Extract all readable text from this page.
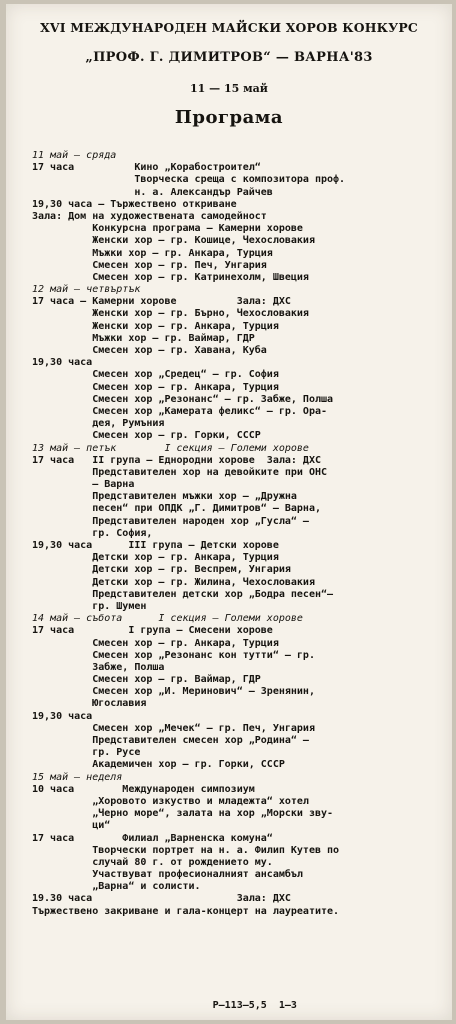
XVI МЕЖДУНАРОДЕН МАЙСКИ ХОРОВ КОНКУРС
„ПРОФ. Г. ДИМИТРОВ“ — ВАРНА'83
11 — 15 май
Програма
11 май — сряда
17 часа          Кино „Корабостроител“
Творческа среща с композитора проф.
н. а. Александър Райчев
19,30 часа — Тържествено откриване
Зала: Дом на художествената самодейност
Конкурсна програма — Камерни хорове
Женски хор — гр. Кошице, Чехословакия
Мъжки хор — гр. Анкара, Турция
Смесен хор — гр. Печ, Унгария
Смесен хор — гр. Катринехолм, Швеция
12 май — четвъртък
17 часа — Камерни хорове          Зала: ДХС
Женски хор — гр. Бърно, Чехословакия
Женски хор — гр. Анкара, Турция
Мъжки хор — гр. Ваймар, ГДР
Смесен хор — гр. Хавана, Куба
19,30 часа
Смесен хор „Средец“ — гр. София
Смесен хор — гр. Анкара, Турция
Смесен хор „Резонанс“ — гр. Забже, Полша
Смесен хор „Камерата феликс“ — гр. Ора-
дея, Румъния
Смесен хор — гр. Горки, СССР
13 май — петък        I секция — Големи хорове
17 часа   II група — Еднородни хорове  Зала: ДХС
Представителен хор на девойките при ОНС
— Варна
Представителен мъжки хор — „Дружна
песен“ при ОПДК „Г. Димитров“ — Варна,
Представителен народен хор „Гусла“ —
гр. София,
19,30 часа      III група — Детски хорове
Детски хор — гр. Анкара, Турция
Детски хор — гр. Веспрем, Унгария
Детски хор — гр. Жилина, Чехословакия
Представителен детски хор „Бодра песен“—
гр. Шумен
14 май — събота      I секция — Големи хорове
17 часа         I група — Смесени хорове
Смесен хор — гр. Анкара, Турция
Смесен хор „Резонанс кон тутти“ — гр.
Забже, Полша
Смесен хор — гр. Ваймар, ГДР
Смесен хор „И. Меринович“ — Зренянин,
Югославия
19,30 часа
Смесен хор „Мечек“ — гр. Печ, Унгария
Представителен смесен хор „Родина“ —
гр. Русе
Академичен хор — гр. Горки, СССР
15 май — неделя
10 часа        Международен симпозиум
„Хоровото изкуство и младежта“ хотел
„Черно море“, залата на хор „Морски зву-
ци“
17 часа        Филиал „Варненска комуна“
Творчески портрет на н. а. Филип Кутев по
случай 80 г. от рождението му.
Участвуват професионалният ансамбъл
„Варна“ и солисти.
19.30 часа                        Зала: ДХС
Тържествено закриване и гала-концерт на лауреатите.
Р—113—5,5  1—3
